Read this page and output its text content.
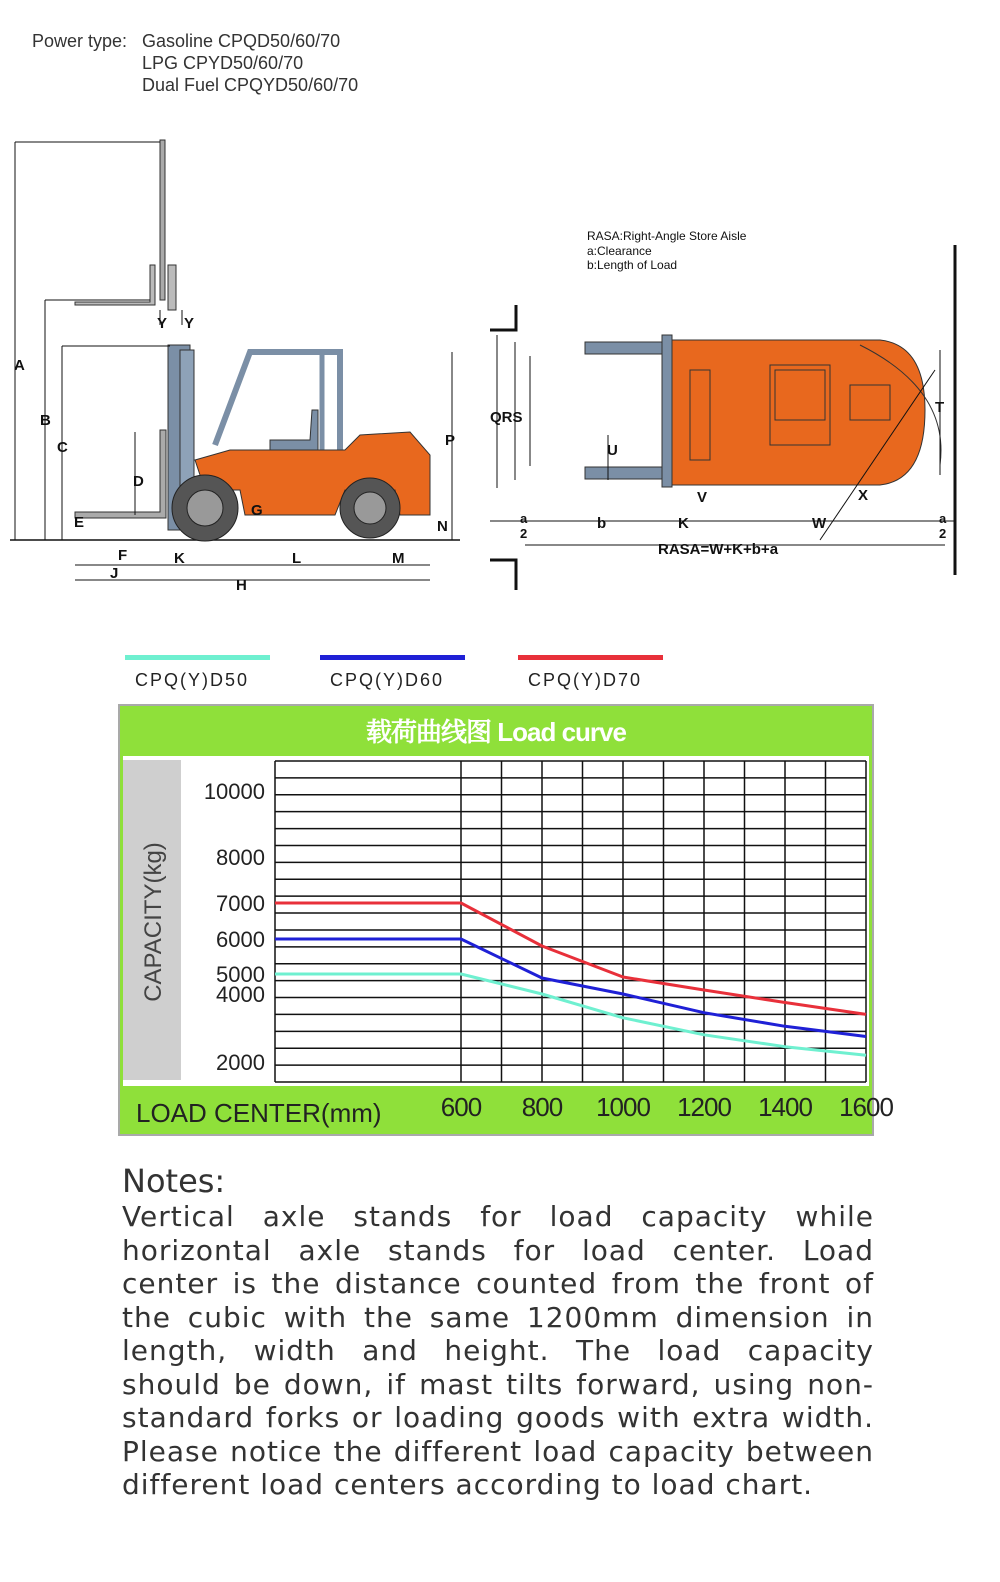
Power type: Gasoline CPQD50/60/70
LPG CPYD50/60/70
Dual Fuel CPQYD50/60/70
A
B
C
D
E
F
G
H
J
K	L	M
N
P
Y Y
RASA:Right-Angle Store Aisle
a:Clearance
b:Length of Load
QRS
U
T
V	X
b	K	W
a
2
a
2
RASA=W+K+b+a
CPQ(Y)D50	CPQ(Y)D60	CPQ(Y)D70
载荷曲线图 Load curve
10000
8000
7000
6000
5000
4000
2000
CAPACITY(kg)
LOAD CENTER(mm) 600 800 1000 1200 1400 1600
Notes:

Vertical axle stands for load capacity while horizontal axle stands for load center. Load center is the distance counted from the front of the cubic with the same 1200mm dimension in length, width and height. The load capacity should be down, if mast tilts forward, using non-standard forks or loading goods with extra width. Please notice the different load capacity between different load centers according to load chart.
